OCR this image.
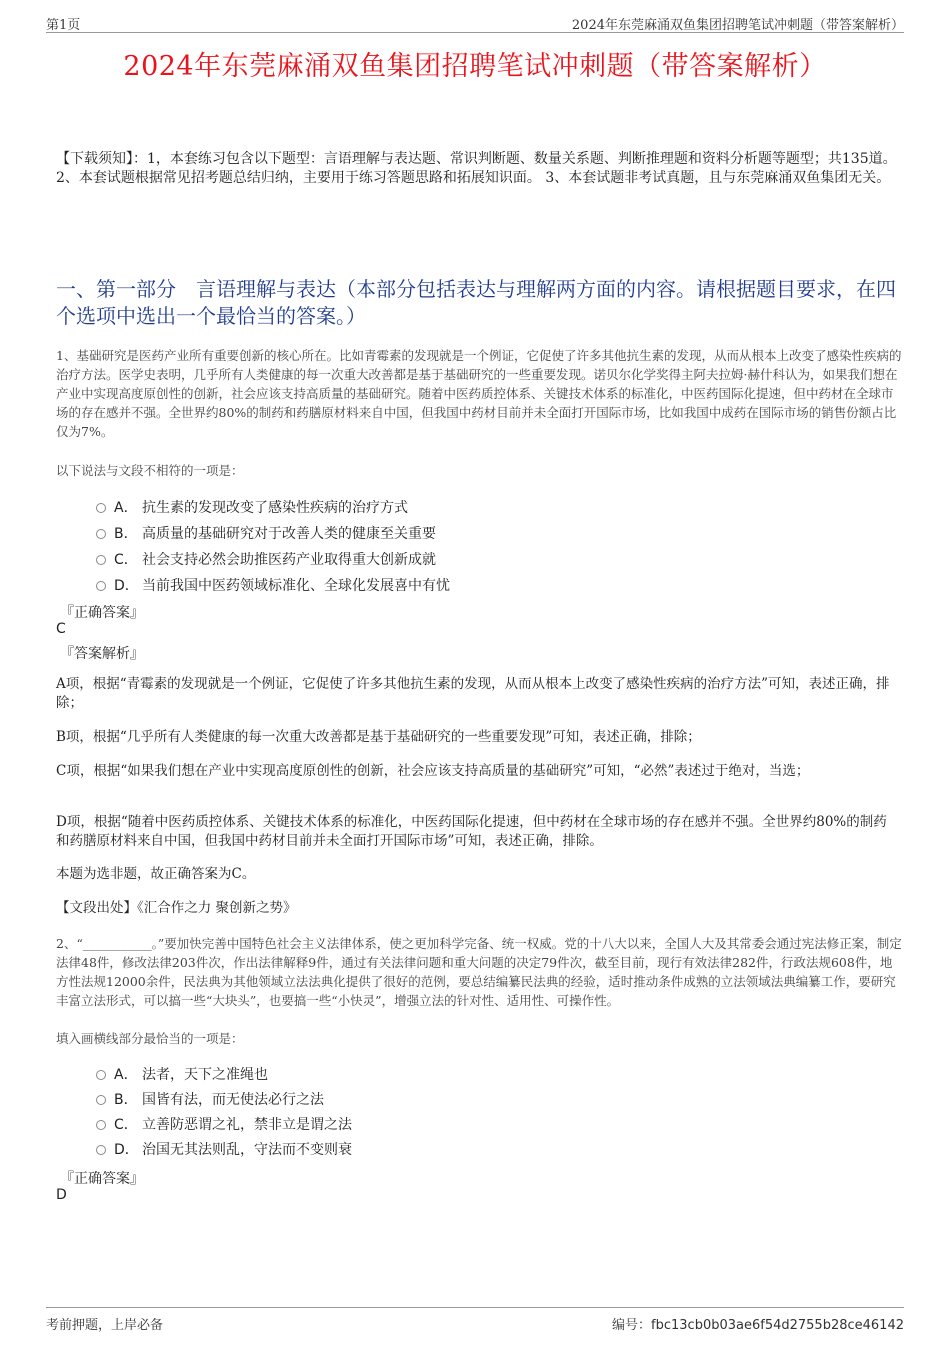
第1页	2024年东莞麻涌双鱼集团招聘笔试冲刺题（带答案解析）
2024年东莞麻涌双鱼集团招聘笔试冲刺题（带答案解析）
【下载须知】：1，本套练习包含以下题型：言语理解与表达题、常识判断题、数量关系题、判断推理题和资料分析题等题型；共135道。 2、本套试题根据常见招考题总结归纳，主要用于练习答题思路和拓展知识面。 3、本套试题非考试真题，且与东莞麻涌双鱼集团无关。
一、第一部分　言语理解与表达（本部分包括表达与理解两方面的内容。请根据题目要求，在四个选项中选出一个最恰当的答案。）
1、基础研究是医药产业所有重要创新的核心所在。比如青霉素的发现就是一个例证，它促使了许多其他抗生素的发现，从而从根本上改变了感染性疾病的治疗方法。医学史表明，几乎所有人类健康的每一次重大改善都是基于基础研究的一些重要发现。诺贝尔化学奖得主阿夫拉姆·赫什科认为，如果我们想在产业中实现高度原创性的创新，社会应该支持高质量的基础研究。随着中医药质控体系、关键技术体系的标准化，中医药国际化提速，但中药材在全球市场的存在感并不强。全世界约80%的制药和药膳原材料来自中国，但我国中药材目前并未全面打开国际市场，比如我国中成药在国际市场的销售份额占比仅为7%。
以下说法与文段不相符的一项是：
A． 抗生素的发现改变了感染性疾病的治疗方式
B． 高质量的基础研究对于改善人类的健康至关重要
C． 社会支持必然会助推医药产业取得重大创新成就
D． 当前我国中医药领域标准化、全球化发展喜中有忧
『正确答案』
C
『答案解析』
A项，根据“青霉素的发现就是一个例证，它促使了许多其他抗生素的发现，从而从根本上改变了感染性疾病的治疗方法”可知，表述正确，排除；
B项，根据“几乎所有人类健康的每一次重大改善都是基于基础研究的一些重要发现”可知，表述正确，排除；
C项，根据“如果我们想在产业中实现高度原创性的创新，社会应该支持高质量的基础研究”可知，“必然”表述过于绝对，当选；
D项，根据“随着中医药质控体系、关键技术体系的标准化，中医药国际化提速，但中药材在全球市场的存在感并不强。全世界约80%的制药和药膳原材料来自中国，但我国中药材目前并未全面打开国际市场”可知，表述正确，排除。
本题为选非题，故正确答案为C。
【文段出处】《汇合作之力 聚创新之势》
2、“___________。”要加快完善中国特色社会主义法律体系，使之更加科学完备、统一权威。党的十八大以来，全国人大及其常委会通过宪法修正案，制定法律48件，修改法律203件次，作出法律解释9件，通过有关法律问题和重大问题的决定79件次，截至目前，现行有效法律282件，行政法规608件，地方性法规12000余件，民法典为其他领域立法法典化提供了很好的范例，要总结编纂民法典的经验，适时推动条件成熟的立法领域法典编纂工作，要研究丰富立法形式，可以搞一些“大块头”，也要搞一些“小快灵”，增强立法的针对性、适用性、可操作性。
填入画横线部分最恰当的一项是：
A． 法者，天下之准绳也
B． 国皆有法，而无使法必行之法
C． 立善防恶谓之礼，禁非立是谓之法
D． 治国无其法则乱，守法而不变则衰
『正确答案』
D
考前押题，上岸必备	编号：fbc13cb0b03ae6f54d2755b28ce46142
